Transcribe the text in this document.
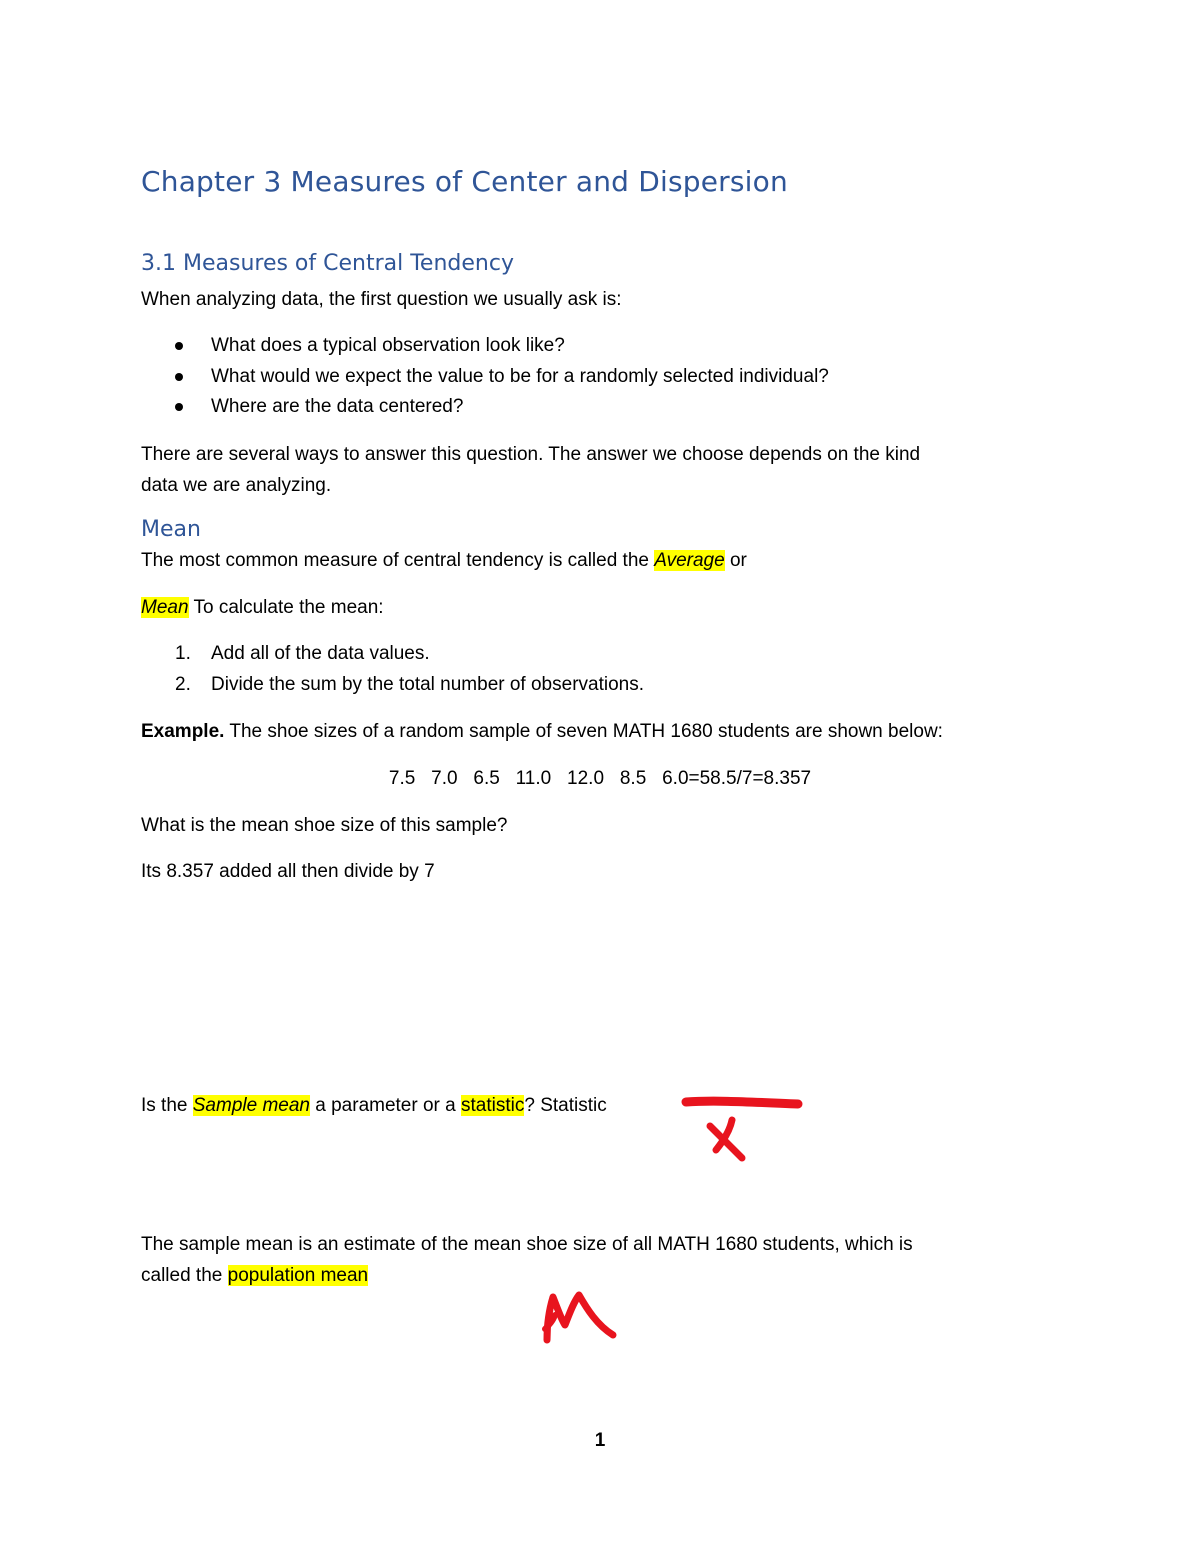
Chapter 3 Measures of Center and Dispersion
3.1 Measures of Central Tendency
When analyzing data, the first question we usually ask is:
What does a typical observation look like?
What would we expect the value to be for a randomly selected individual?
Where are the data centered?
There are several ways to answer this question. The answer we choose depends on the kind
data we are analyzing.
Mean
The most common measure of central tendency is called the Average or
Mean To calculate the mean:
1. Add all of the data values.
2. Divide the sum by the total number of observations.
Example. The shoe sizes of a random sample of seven MATH 1680 students are shown below:
7.5   7.0   6.5   11.0   12.0   8.5   6.0=58.5/7=8.357
What is the mean shoe size of this sample?
Its 8.357 added all then divide by 7
Is the Sample mean a parameter or a statistic? Statistic
The sample mean is an estimate of the mean shoe size of all MATH 1680 students, which is
called the population mean
1
